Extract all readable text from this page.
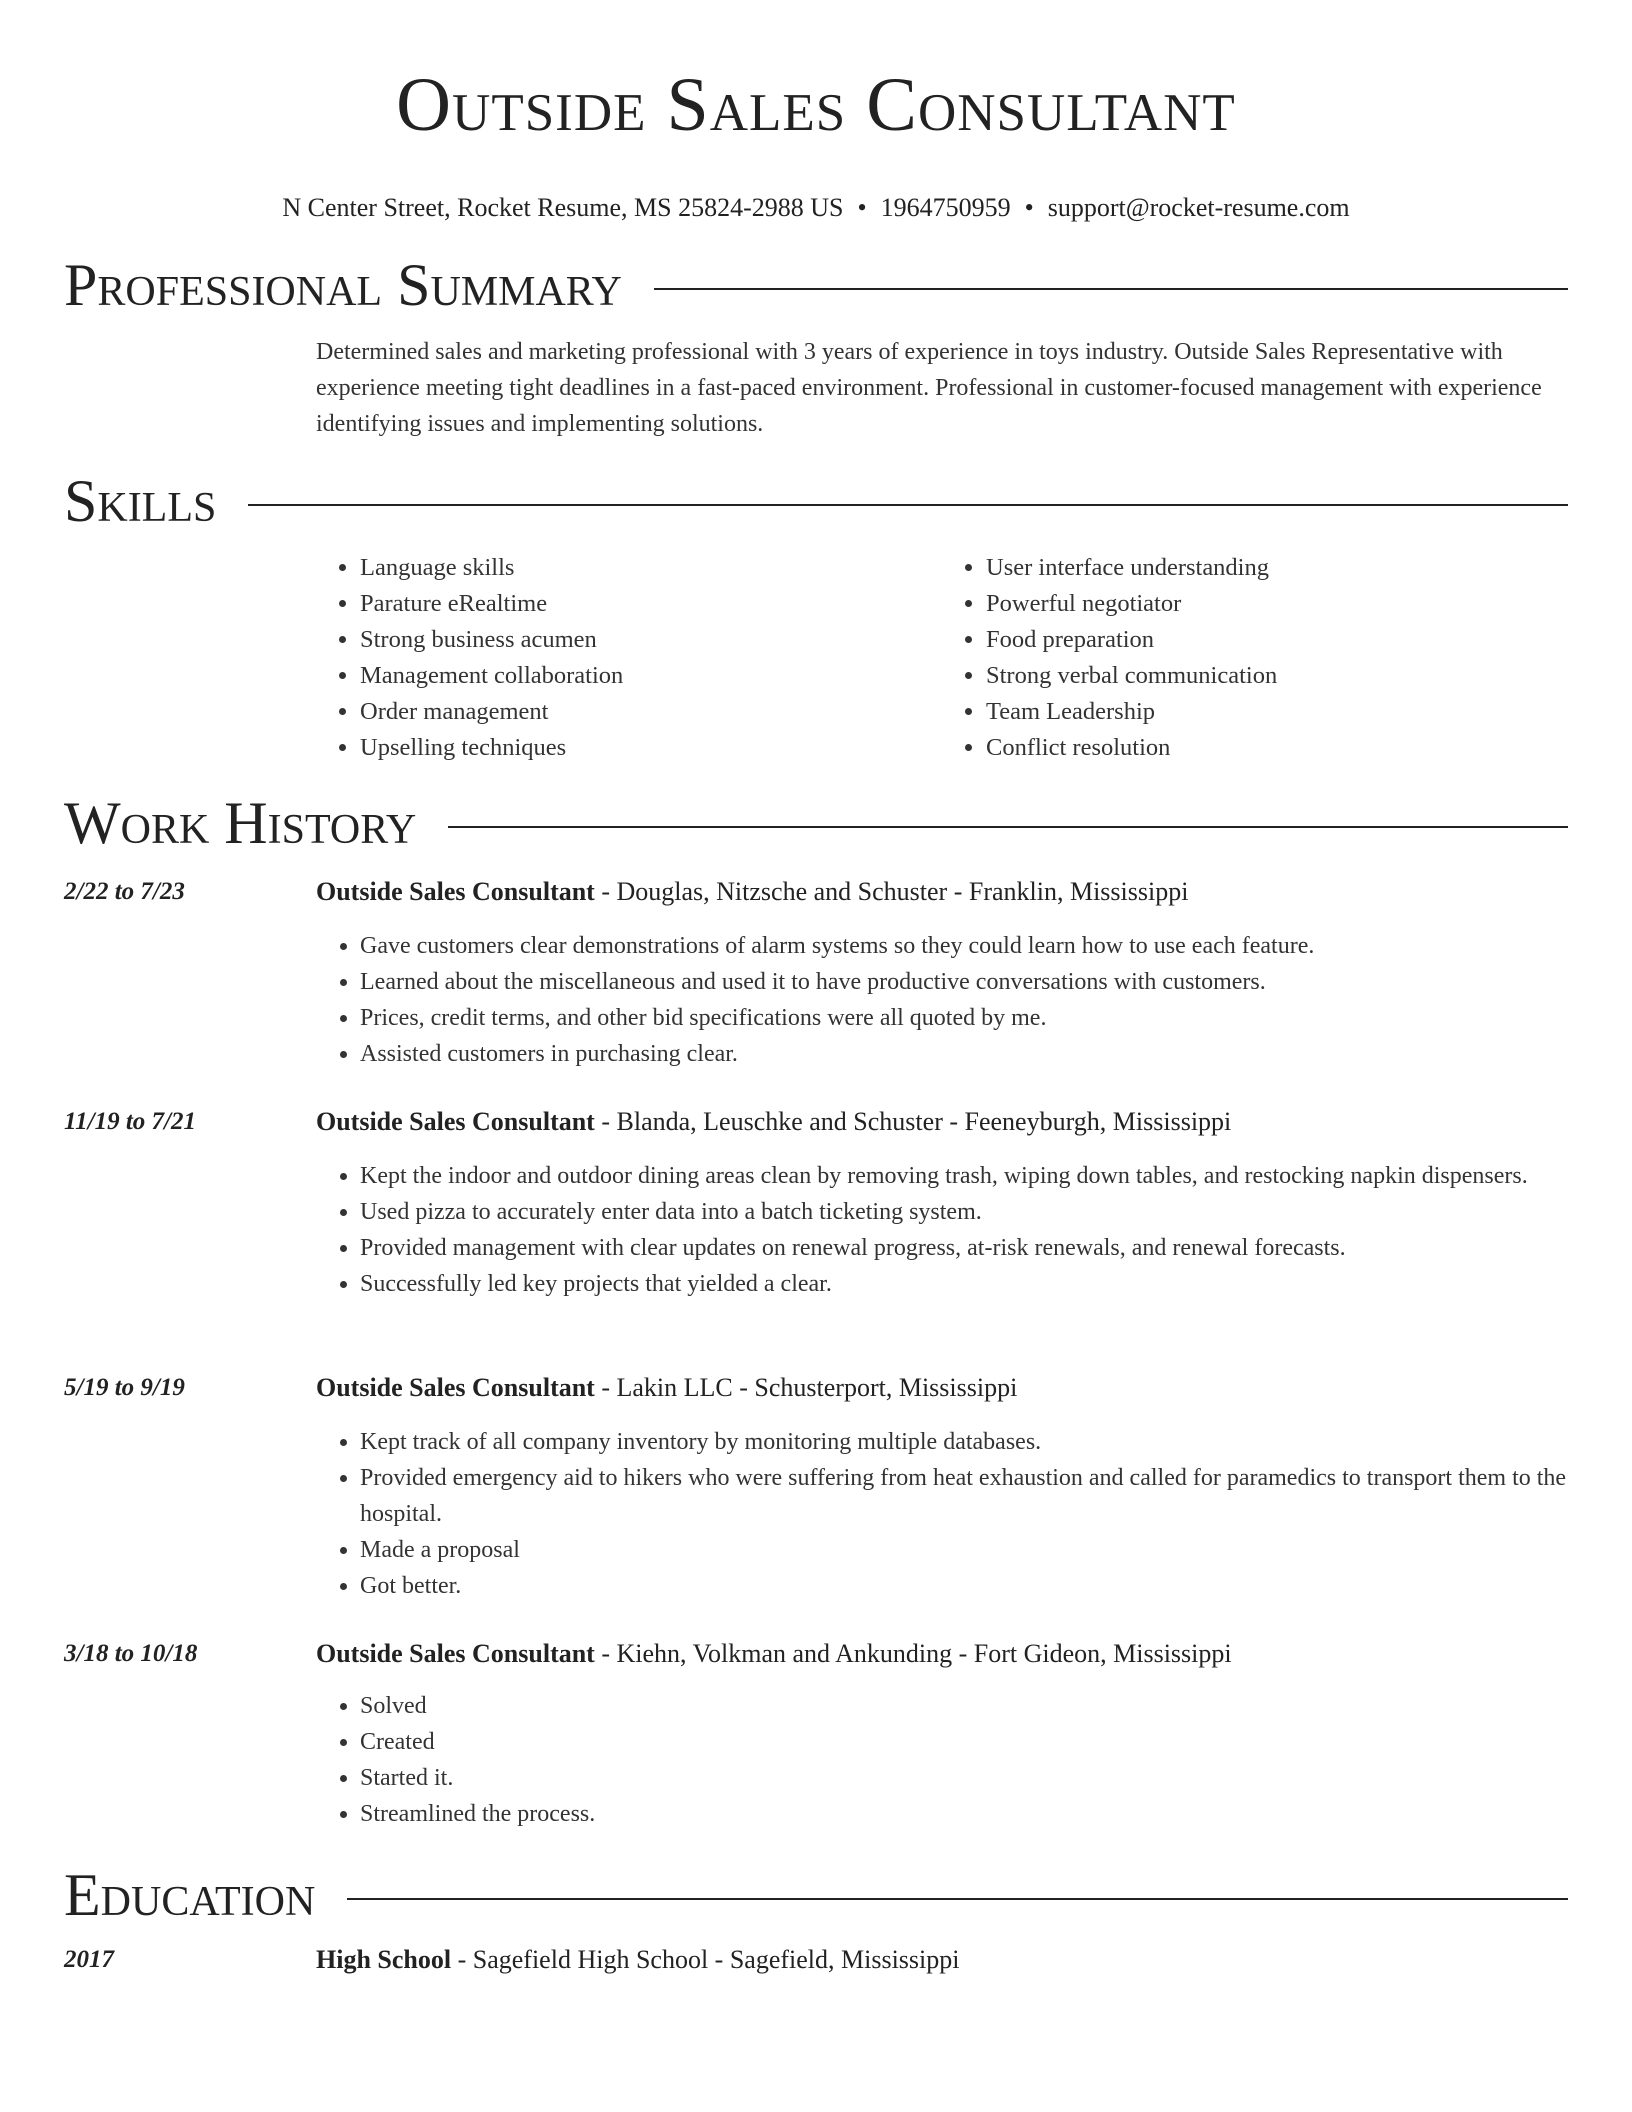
Outside Sales Consultant
N Center Street, Rocket Resume, MS 25824-2988 US • 1964750959 • support@rocket-resume.com
Professional Summary

Determined sales and marketing professional with 3 years of experience in toys industry. Outside Sales Representative with experience meeting tight deadlines in a fast-paced environment. Professional in customer-focused management with experience identifying issues and implementing solutions.

Skills
• Language skills
• Parature eRealtime
• Strong business acumen
• Management collaboration
• Order management
• Upselling techniques
• User interface understanding
• Powerful negotiator
• Food preparation
• Strong verbal communication
• Team Leadership
• Conflict resolution
Work History
2/22 to 7/23	Outside Sales Consultant - Douglas, Nitzsche and Schuster - Franklin, Mississippi
• Gave customers clear demonstrations of alarm systems so they could learn how to use each feature.
• Learned about the miscellaneous and used it to have productive conversations with customers.
• Prices, credit terms, and other bid specifications were all quoted by me.
• Assisted customers in purchasing clear.
11/19 to 7/21	Outside Sales Consultant - Blanda, Leuschke and Schuster - Feeneyburgh, Mississippi
• Kept the indoor and outdoor dining areas clean by removing trash, wiping down tables, and restocking napkin dispensers.
• Used pizza to accurately enter data into a batch ticketing system.
• Provided management with clear updates on renewal progress, at-risk renewals, and renewal forecasts.
• Successfully led key projects that yielded a clear.
5/19 to 9/19	Outside Sales Consultant - Lakin LLC - Schusterport, Mississippi
• Kept track of all company inventory by monitoring multiple databases.
• Provided emergency aid to hikers who were suffering from heat exhaustion and called for paramedics to transport them to the hospital.
• Made a proposal
• Got better.
3/18 to 10/18	Outside Sales Consultant - Kiehn, Volkman and Ankunding - Fort Gideon, Mississippi
• Solved
• Created
• Started it.
• Streamlined the process.
Education
2017	High School - Sagefield High School - Sagefield, Mississippi
